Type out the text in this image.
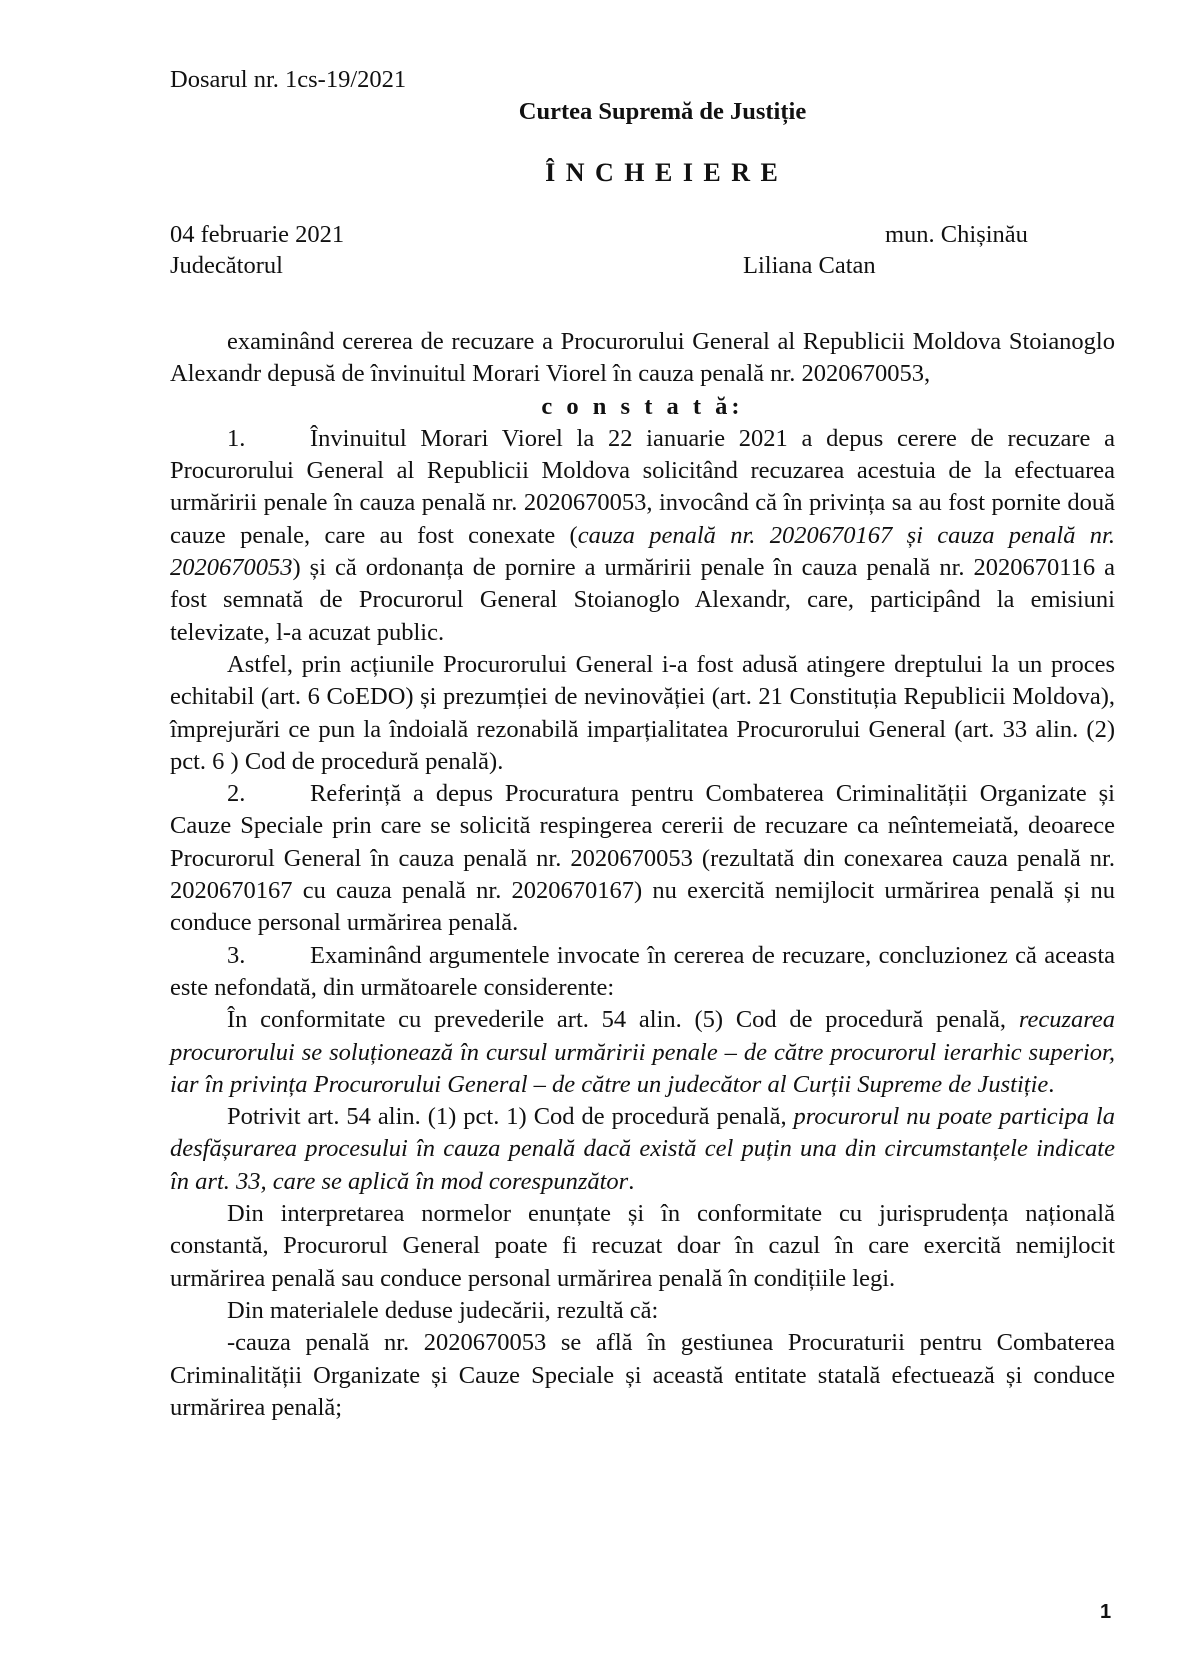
Dosarul nr. 1cs-19/2021
Curtea Supremă de Justiție
Î N C H E I E R E
04 februarie 2021	mun. Chișinău
Judecătorul	Liliana Catan

examinând cererea de recuzare a Procurorului General al Republicii Moldova Stoianoglo Alexandr depusă de învinuitul Morari Viorel în cauza penală nr. 2020670053,

c o n s t a t ă:

1.	Învinuitul Morari Viorel la 22 ianuarie 2021 a depus cerere de recuzare a Procurorului General al Republicii Moldova solicitând recuzarea acestuia de la efectuarea urmăririi penale în cauza penală nr. 2020670053, invocând că în privința sa au fost pornite două cauze penale, care au fost conexate (cauza penală nr. 2020670167 și cauza penală nr. 2020670053) și că ordonanța de pornire a urmăririi penale în cauza penală nr. 2020670116 a fost semnată de Procurorul General Stoianoglo Alexandr, care, participând la emisiuni televizate, l-a acuzat public.

Astfel, prin acțiunile Procurorului General i-a fost adusă atingere dreptului la un proces echitabil (art. 6 CoEDO) și prezumției de nevinovăției (art. 21 Constituția Republicii Moldova), împrejurări ce pun la îndoială rezonabilă imparțialitatea Procurorului General (art. 33 alin. (2) pct. 6 ) Cod de procedură penală).

2.	Referință a depus Procuratura pentru Combaterea Criminalității Organizate și Cauze Speciale prin care se solicită respingerea cererii de recuzare ca neîntemeiată, deoarece Procurorul General în cauza penală nr. 2020670053 (rezultată din conexarea cauza penală nr. 2020670167 cu cauza penală nr. 2020670167) nu exercită nemijlocit urmărirea penală și nu conduce personal urmărirea penală.

3.	Examinând argumentele invocate în cererea de recuzare, concluzionez că aceasta este nefondată, din următoarele considerente:

În conformitate cu prevederile art. 54 alin. (5) Cod de procedură penală, recuzarea procurorului se soluționează în cursul urmăririi penale – de către procurorul ierarhic superior, iar în privința Procurorului General – de către un judecător al Curții Supreme de Justiție.

Potrivit art. 54 alin. (1) pct. 1) Cod de procedură penală, procurorul nu poate participa la desfășurarea procesului în cauza penală dacă există cel puțin una din circumstanțele indicate în art. 33, care se aplică în mod corespunzător.

Din interpretarea normelor enunțate și în conformitate cu jurisprudența națională constantă, Procurorul General poate fi recuzat doar în cazul în care exercită nemijlocit urmărirea penală sau conduce personal urmărirea penală în condițiile legi.

Din materialele deduse judecării, rezultă că:

-cauza penală nr. 2020670053 se află în gestiunea Procuraturii pentru Combaterea Criminalității Organizate și Cauze Speciale și această entitate statală efectuează și conduce urmărirea penală;

1
